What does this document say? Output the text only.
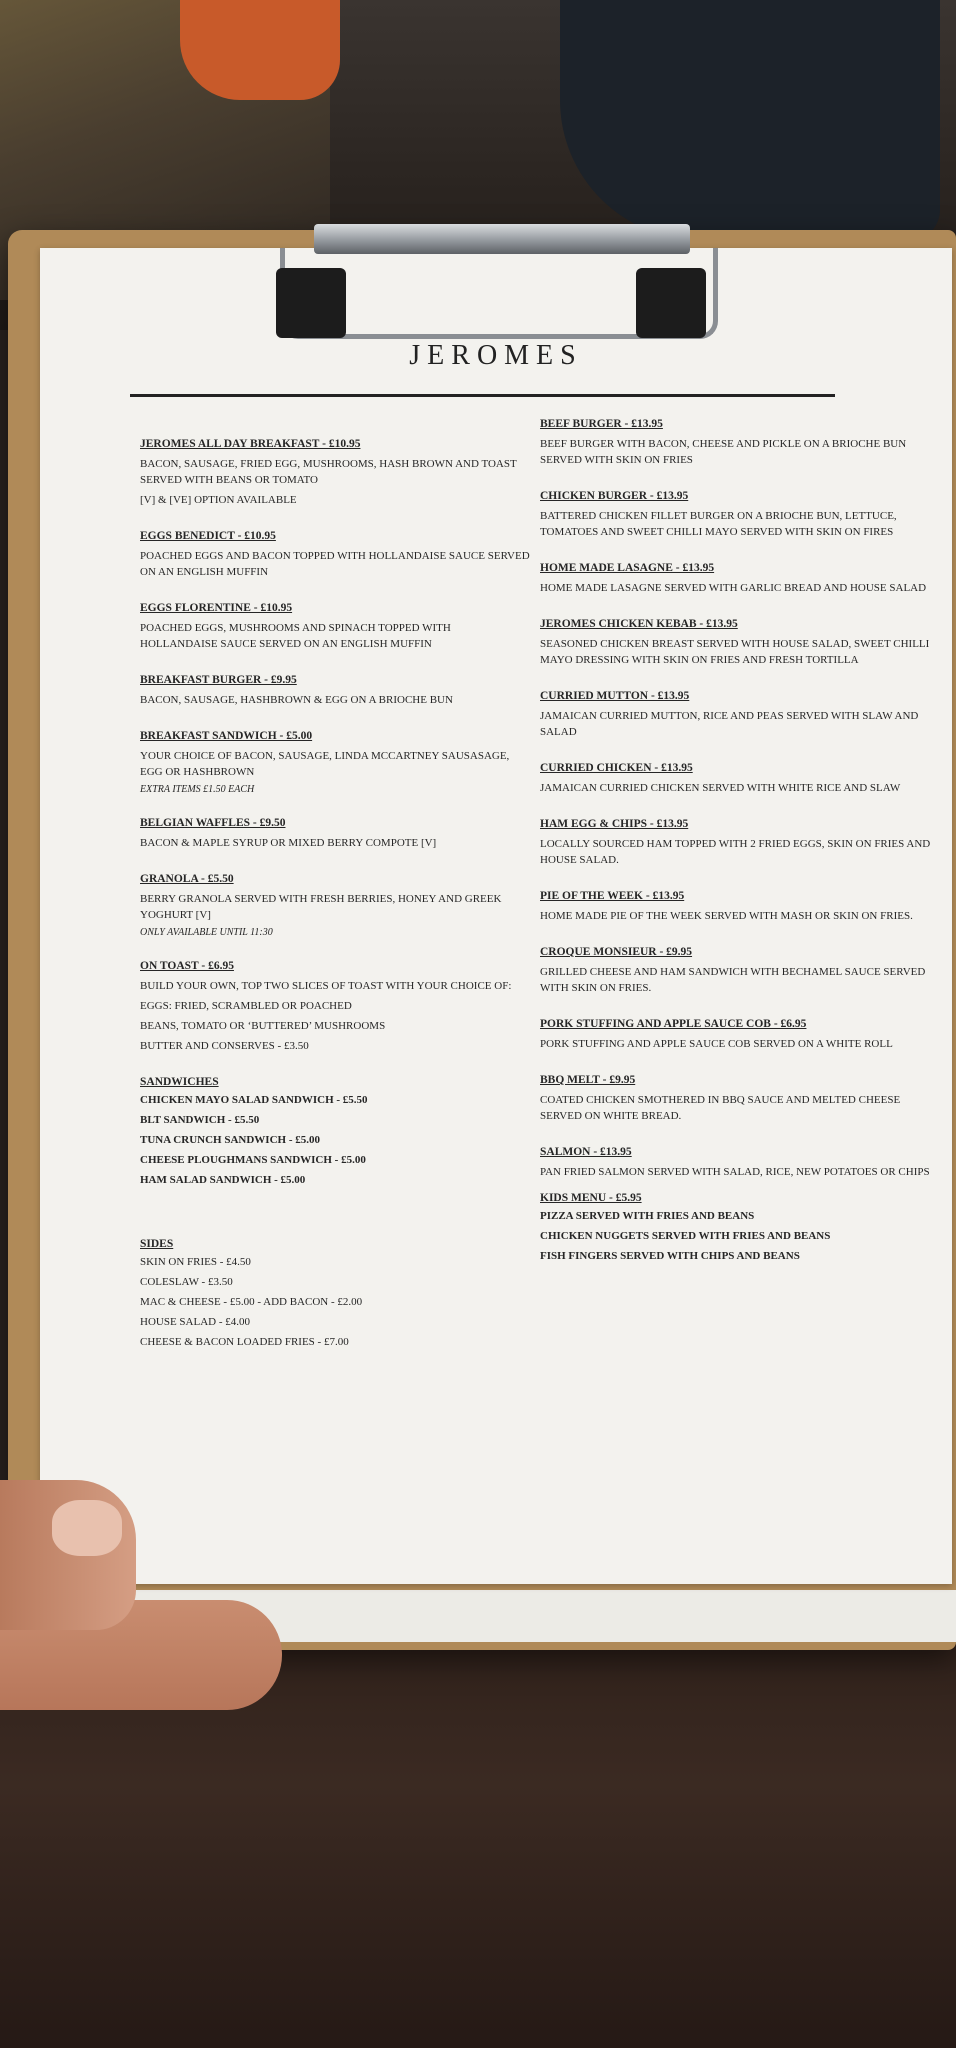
JEROMES
JEROMES ALL DAY BREAKFAST - £10.95
BACON, SAUSAGE, FRIED EGG, MUSHROOMS, HASH BROWN AND TOAST SERVED WITH BEANS OR TOMATO
[V] & [VE] OPTION AVAILABLE
EGGS BENEDICT - £10.95
POACHED EGGS AND BACON TOPPED WITH HOLLANDAISE SAUCE SERVED ON AN ENGLISH MUFFIN
EGGS FLORENTINE - £10.95
POACHED EGGS, MUSHROOMS AND SPINACH TOPPED WITH HOLLANDAISE SAUCE SERVED ON AN ENGLISH MUFFIN
BREAKFAST BURGER - £9.95
BACON, SAUSAGE, HASHBROWN & EGG ON A BRIOCHE BUN
BREAKFAST SANDWICH - £5.00
YOUR CHOICE OF BACON, SAUSAGE, LINDA MCCARTNEY SAUSASAGE, EGG OR HASHBROWN
EXTRA ITEMS £1.50 EACH
BELGIAN WAFFLES - £9.50
BACON & MAPLE SYRUP OR MIXED BERRY COMPOTE [V]
GRANOLA - £5.50
BERRY GRANOLA SERVED WITH FRESH BERRIES, HONEY AND GREEK YOGHURT [V]
ONLY AVAILABLE UNTIL 11:30
ON TOAST - £6.95
BUILD YOUR OWN, TOP TWO SLICES OF TOAST WITH YOUR CHOICE OF:
EGGS: FRIED, SCRAMBLED OR POACHED
BEANS, TOMATO OR ‘BUTTERED’ MUSHROOMS
BUTTER AND CONSERVES - £3.50
SANDWICHES
CHICKEN MAYO SALAD SANDWICH - £5.50
BLT SANDWICH - £5.50
TUNA CRUNCH SANDWICH - £5.00
CHEESE PLOUGHMANS SANDWICH - £5.00
HAM SALAD SANDWICH - £5.00
SIDES
SKIN ON FRIES - £4.50
COLESLAW - £3.50
MAC & CHEESE - £5.00 - ADD BACON - £2.00
HOUSE SALAD - £4.00
CHEESE & BACON LOADED FRIES - £7.00
BEEF BURGER - £13.95
BEEF BURGER WITH BACON, CHEESE AND PICKLE ON A BRIOCHE BUN SERVED WITH SKIN ON FRIES
CHICKEN BURGER - £13.95
BATTERED CHICKEN FILLET BURGER ON A BRIOCHE BUN, LETTUCE, TOMATOES AND SWEET CHILLI MAYO SERVED WITH SKIN ON FIRES
HOME MADE LASAGNE - £13.95
HOME MADE LASAGNE SERVED WITH GARLIC BREAD AND HOUSE SALAD
JEROMES CHICKEN KEBAB - £13.95
SEASONED CHICKEN BREAST SERVED WITH HOUSE SALAD, SWEET CHILLI MAYO DRESSING WITH SKIN ON FRIES AND FRESH TORTILLA
CURRIED MUTTON - £13.95
JAMAICAN CURRIED MUTTON, RICE AND PEAS SERVED WITH SLAW AND SALAD
CURRIED CHICKEN - £13.95
JAMAICAN CURRIED CHICKEN SERVED WITH WHITE RICE AND SLAW
HAM EGG & CHIPS - £13.95
LOCALLY SOURCED HAM TOPPED WITH 2 FRIED EGGS, SKIN ON FRIES AND HOUSE SALAD.
PIE OF THE WEEK - £13.95
HOME MADE PIE OF THE WEEK SERVED WITH MASH OR SKIN ON FRIES.
CROQUE MONSIEUR - £9.95
GRILLED CHEESE AND HAM SANDWICH WITH BECHAMEL SAUCE SERVED WITH SKIN ON FRIES.
PORK STUFFING AND APPLE SAUCE COB - £6.95
PORK STUFFING AND APPLE SAUCE COB SERVED ON A WHITE ROLL
BBQ MELT - £9.95
COATED CHICKEN SMOTHERED IN BBQ SAUCE AND MELTED CHEESE SERVED ON WHITE BREAD.
SALMON - £13.95
PAN FRIED SALMON SERVED WITH SALAD, RICE, NEW POTATOES OR CHIPS
KIDS MENU - £5.95
PIZZA SERVED WITH FRIES AND BEANS
CHICKEN NUGGETS SERVED WITH FRIES AND BEANS
FISH FINGERS SERVED WITH CHIPS AND BEANS
